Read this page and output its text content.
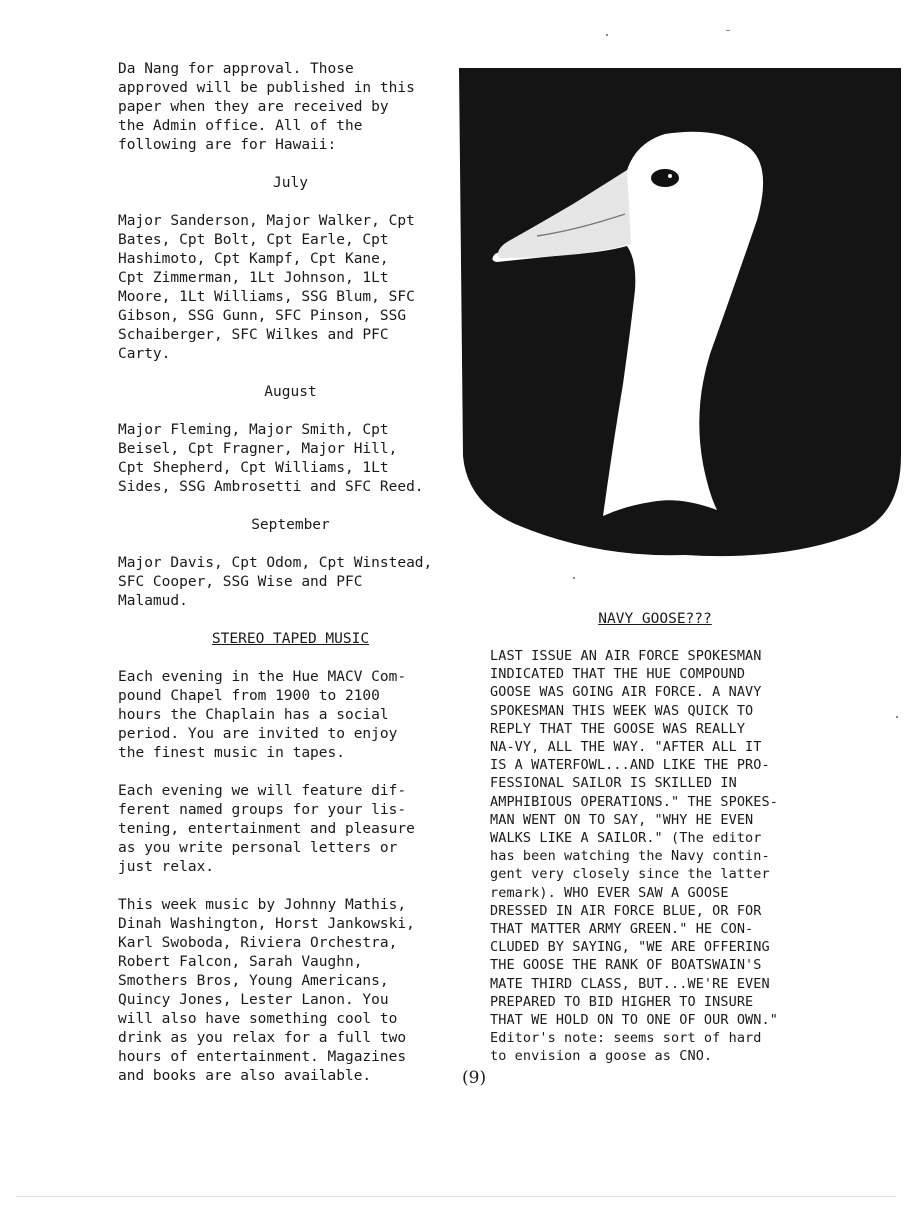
Da Nang for approval. Those
approved will be published in this
paper when they are received by
the Admin office. All of the
following are for Hawaii:

July

Major Sanderson, Major Walker, Cpt
Bates, Cpt Bolt, Cpt Earle, Cpt
Hashimoto, Cpt Kampf, Cpt Kane,
Cpt Zimmerman, 1Lt Johnson, 1Lt
Moore, 1Lt Williams, SSG Blum, SFC
Gibson, SSG Gunn, SFC Pinson, SSG
Schaiberger, SFC Wilkes and PFC
Carty.

August

Major Fleming, Major Smith, Cpt
Beisel, Cpt Fragner, Major Hill,
Cpt Shepherd, Cpt Williams, 1Lt
Sides, SSG Ambrosetti and SFC Reed.

September

Major Davis, Cpt Odom, Cpt Winstead,
SFC Cooper, SSG Wise and PFC
Malamud.

STEREO TAPED MUSIC

Each evening in the Hue MACV Com-
pound Chapel from 1900 to 2100
hours the Chaplain has a social
period. You are invited to enjoy
the finest music in tapes.

Each evening we will feature dif-
ferent named groups for your lis-
tening, entertainment and pleasure
as you write personal letters or
just relax.

This week music by Johnny Mathis,
Dinah Washington, Horst Jankowski,
Karl Swoboda, Riviera Orchestra,
Robert Falcon, Sarah Vaughn,
Smothers Bros, Young Americans,
Quincy Jones, Lester Lanon. You
will also have something cool to
drink as you relax for a full two
hours of entertainment. Magazines
and books are also available.

NAVY GOOSE???

LAST ISSUE AN AIR FORCE SPOKESMAN
INDICATED THAT THE HUE COMPOUND
GOOSE WAS GOING AIR FORCE. A NAVY
SPOKESMAN THIS WEEK WAS QUICK TO
REPLY THAT THE GOOSE WAS REALLY
NA-VY, ALL THE WAY. "AFTER ALL IT
IS A WATERFOWL...AND LIKE THE PRO-
FESSIONAL SAILOR IS SKILLED IN
AMPHIBIOUS OPERATIONS." THE SPOKES-
MAN WENT ON TO SAY, "WHY HE EVEN
WALKS LIKE A SAILOR." (The editor
has been watching the Navy contin-
gent very closely since the latter
remark). WHO EVER SAW A GOOSE
DRESSED IN AIR FORCE BLUE, OR FOR
THAT MATTER ARMY GREEN." HE CON-
CLUDED BY SAYING, "WE ARE OFFERING
THE GOOSE THE RANK OF BOATSWAIN'S
MATE THIRD CLASS, BUT...WE'RE EVEN
PREPARED TO BID HIGHER TO INSURE
THAT WE HOLD ON TO ONE OF OUR OWN."
Editor's note: seems sort of hard
to envision a goose as CNO.

(9)
